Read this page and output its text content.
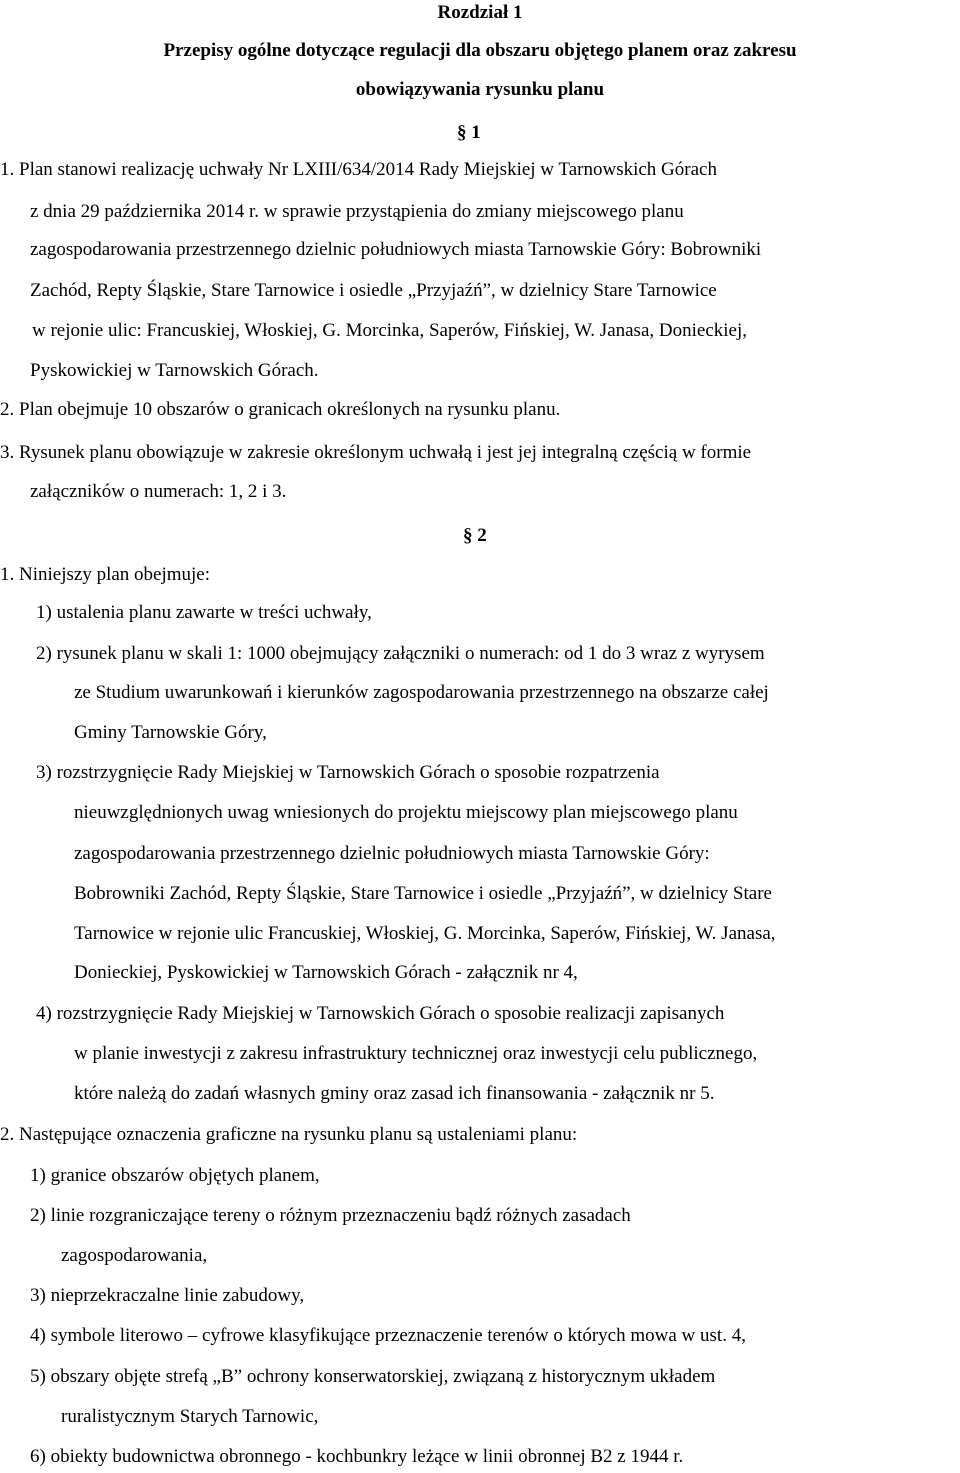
Rozdział 1
Przepisy ogólne dotyczące regulacji dla obszaru objętego planem oraz zakresu
obowiązywania rysunku planu
§ 1
1. Plan stanowi realizację uchwały Nr LXIII/634/2014 Rady Miejskiej w Tarnowskich Górach
z dnia 29 października 2014 r. w sprawie przystąpienia do zmiany miejscowego planu
zagospodarowania przestrzennego dzielnic południowych miasta Tarnowskie Góry: Bobrowniki
Zachód, Repty Śląskie, Stare Tarnowice i osiedle „Przyjaźń”, w dzielnicy Stare Tarnowice
w rejonie ulic: Francuskiej, Włoskiej, G. Morcinka, Saperów, Fińskiej, W. Janasa, Donieckiej,
Pyskowickiej w Tarnowskich Górach.
2. Plan obejmuje 10 obszarów o granicach określonych na rysunku planu.
3. Rysunek planu obowiązuje w zakresie określonym uchwałą i jest jej integralną częścią w formie
załączników o numerach: 1, 2 i 3.
§ 2
1. Niniejszy plan obejmuje:
1) ustalenia planu zawarte w treści uchwały,
2) rysunek planu w skali 1: 1000 obejmujący załączniki o numerach: od 1 do 3 wraz z wyrysem
ze Studium uwarunkowań i kierunków zagospodarowania przestrzennego na obszarze całej
Gminy Tarnowskie Góry,
3) rozstrzygnięcie Rady Miejskiej w Tarnowskich Górach o sposobie rozpatrzenia
nieuwzględnionych uwag wniesionych do projektu miejscowy plan miejscowego planu
zagospodarowania przestrzennego dzielnic południowych miasta Tarnowskie Góry:
Bobrowniki Zachód, Repty Śląskie, Stare Tarnowice i osiedle „Przyjaźń”, w dzielnicy Stare
Tarnowice w rejonie ulic Francuskiej, Włoskiej, G. Morcinka, Saperów, Fińskiej, W. Janasa,
Donieckiej, Pyskowickiej w Tarnowskich Górach - załącznik nr 4,
4) rozstrzygnięcie Rady Miejskiej w Tarnowskich Górach o sposobie realizacji zapisanych
w planie inwestycji z zakresu infrastruktury technicznej oraz inwestycji celu publicznego,
które należą do zadań własnych gminy oraz zasad ich finansowania - załącznik nr 5.
2. Następujące oznaczenia graficzne na rysunku planu są ustaleniami planu:
1) granice obszarów objętych planem,
2) linie rozgraniczające tereny o różnym przeznaczeniu bądź różnych zasadach
zagospodarowania,
3) nieprzekraczalne linie zabudowy,
4) symbole literowo – cyfrowe klasyfikujące przeznaczenie terenów o których mowa w ust. 4,
5) obszary objęte strefą „B” ochrony konserwatorskiej, związaną z historycznym układem
ruralistycznym Starych Tarnowic,
6) obiekty budownictwa obronnego - kochbunkry leżące w linii obronnej B2 z 1944 r.
